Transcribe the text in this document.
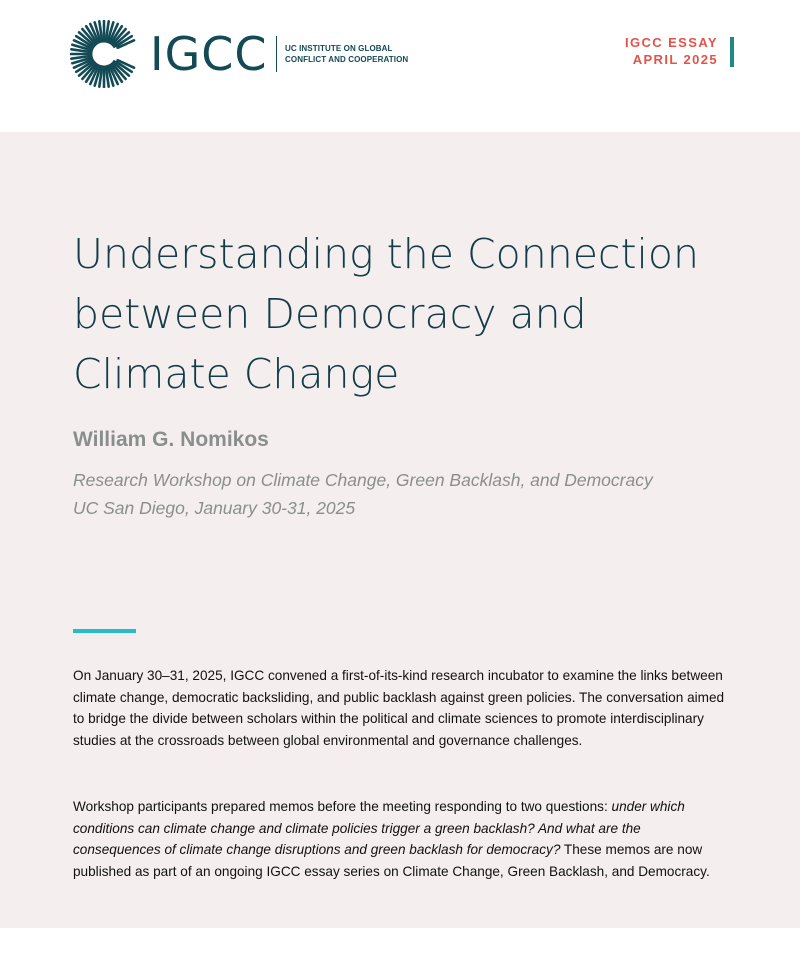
IGCC UC INSTITUTE ON GLOBAL
CONFLICT AND COOPERATION
IGCC ESSAY
APRIL 2025
Understanding the Connection
between Democracy and
Climate Change
William G. Nomikos
Research Workshop on Climate Change, Green Backlash, and Democracy
UC San Diego, January 30-31, 2025

On January 30–31, 2025, IGCC convened a first-of-its-kind research incubator to examine the links between climate change, democratic backsliding, and public backlash against green policies. The conversation aimed to bridge the divide between scholars within the political and climate sciences to promote interdisciplinary studies at the crossroads between global environmental and governance challenges.

Workshop participants prepared memos before the meeting responding to two questions: under which conditions can climate change and climate policies trigger a green backlash? And what are the consequences of climate change disruptions and green backlash for democracy? These memos are now published as part of an ongoing IGCC essay series on Climate Change, Green Backlash, and Democracy.
